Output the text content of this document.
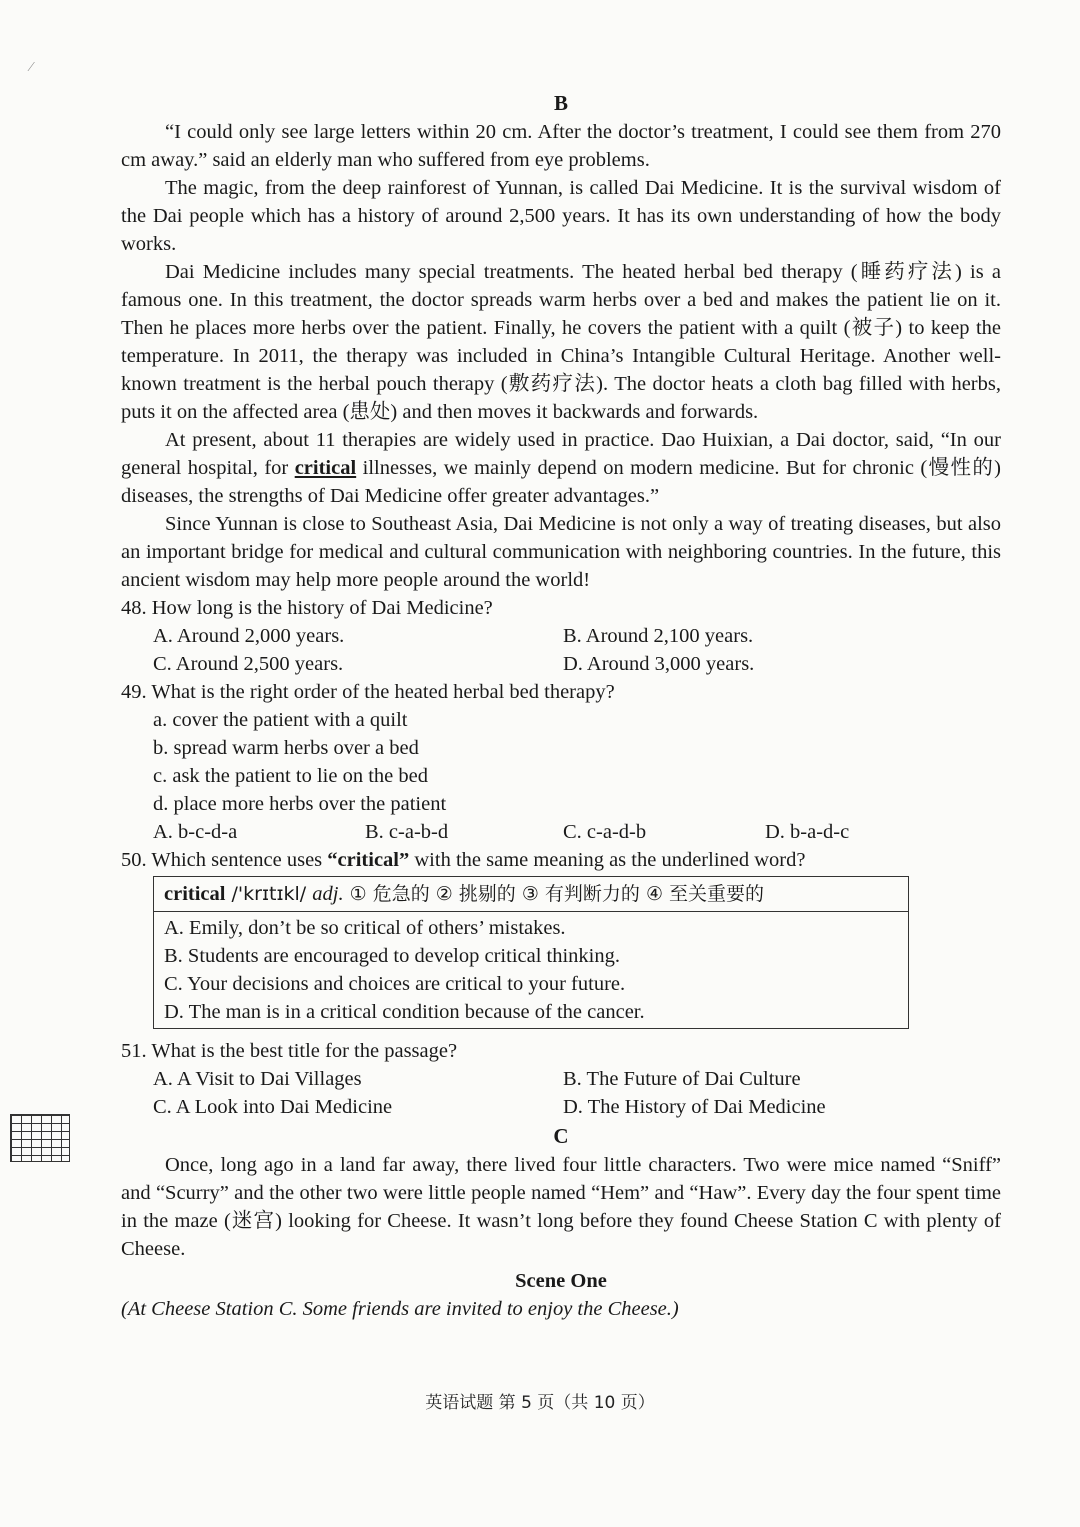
⁄
B

“I could only see large letters within 20 cm. After the doctor’s treatment, I could see them from 270 cm away.” said an elderly man who suffered from eye problems.

The magic, from the deep rainforest of Yunnan, is called Dai Medicine. It is the survival wisdom of the Dai people which has a history of around 2,500 years. It has its own understanding of how the body works.

Dai Medicine includes many special treatments. The heated herbal bed therapy (睡药疗法) is a famous one. In this treatment, the doctor spreads warm herbs over a bed and makes the patient lie on it. Then he places more herbs over the patient. Finally, he covers the patient with a quilt (被子) to keep the temperature. In 2011, the therapy was included in China’s Intangible Cultural Heritage. Another well-known treatment is the herbal pouch therapy (敷药疗法). The doctor heats a cloth bag filled with herbs, puts it on the affected area (患处) and then moves it backwards and forwards.

At present, about 11 therapies are widely used in practice. Dao Huixian, a Dai doctor, said, “In our general hospital, for critical illnesses, we mainly depend on modern medicine. But for chronic (慢性的) diseases, the strengths of Dai Medicine offer greater advantages.”

Since Yunnan is close to Southeast Asia, Dai Medicine is not only a way of treating diseases, but also an important bridge for medical and cultural communication with neighboring countries. In the future, this ancient wisdom may help more people around the world!

48. How long is the history of Dai Medicine?
A. Around 2,000 years.	B. Around 2,100 years.
C. Around 2,500 years.	D. Around 3,000 years.
49. What is the right order of the heated herbal bed therapy?
a. cover the patient with a quilt
b. spread warm herbs over a bed
c. ask the patient to lie on the bed
d. place more herbs over the patient
A. b-c-d-a	B. c-a-b-d	C. c-a-d-b	D. b-a-d-c
50. Which sentence uses “critical” with the same meaning as the underlined word?
critical /'krɪtɪkl/ adj. ① 危急的 ② 挑剔的 ③ 有判断力的 ④ 至关重要的
A. Emily, don’t be so critical of others’ mistakes.
B. Students are encouraged to develop critical thinking.
C. Your decisions and choices are critical to your future.
D. The man is in a critical condition because of the cancer.
51. What is the best title for the passage?
A. A Visit to Dai Villages	B. The Future of Dai Culture
C. A Look into Dai Medicine	D. The History of Dai Medicine
C

Once, long ago in a land far away, there lived four little characters. Two were mice named “Sniff” and “Scurry” and the other two were little people named “Hem” and “Haw”. Every day the four spent time in the maze (迷宫) looking for Cheese. It wasn’t long before they found Cheese Station C with plenty of Cheese.

Scene One
(At Cheese Station C. Some friends are invited to enjoy the Cheese.)
英语试题 第 5 页（共 10 页）
